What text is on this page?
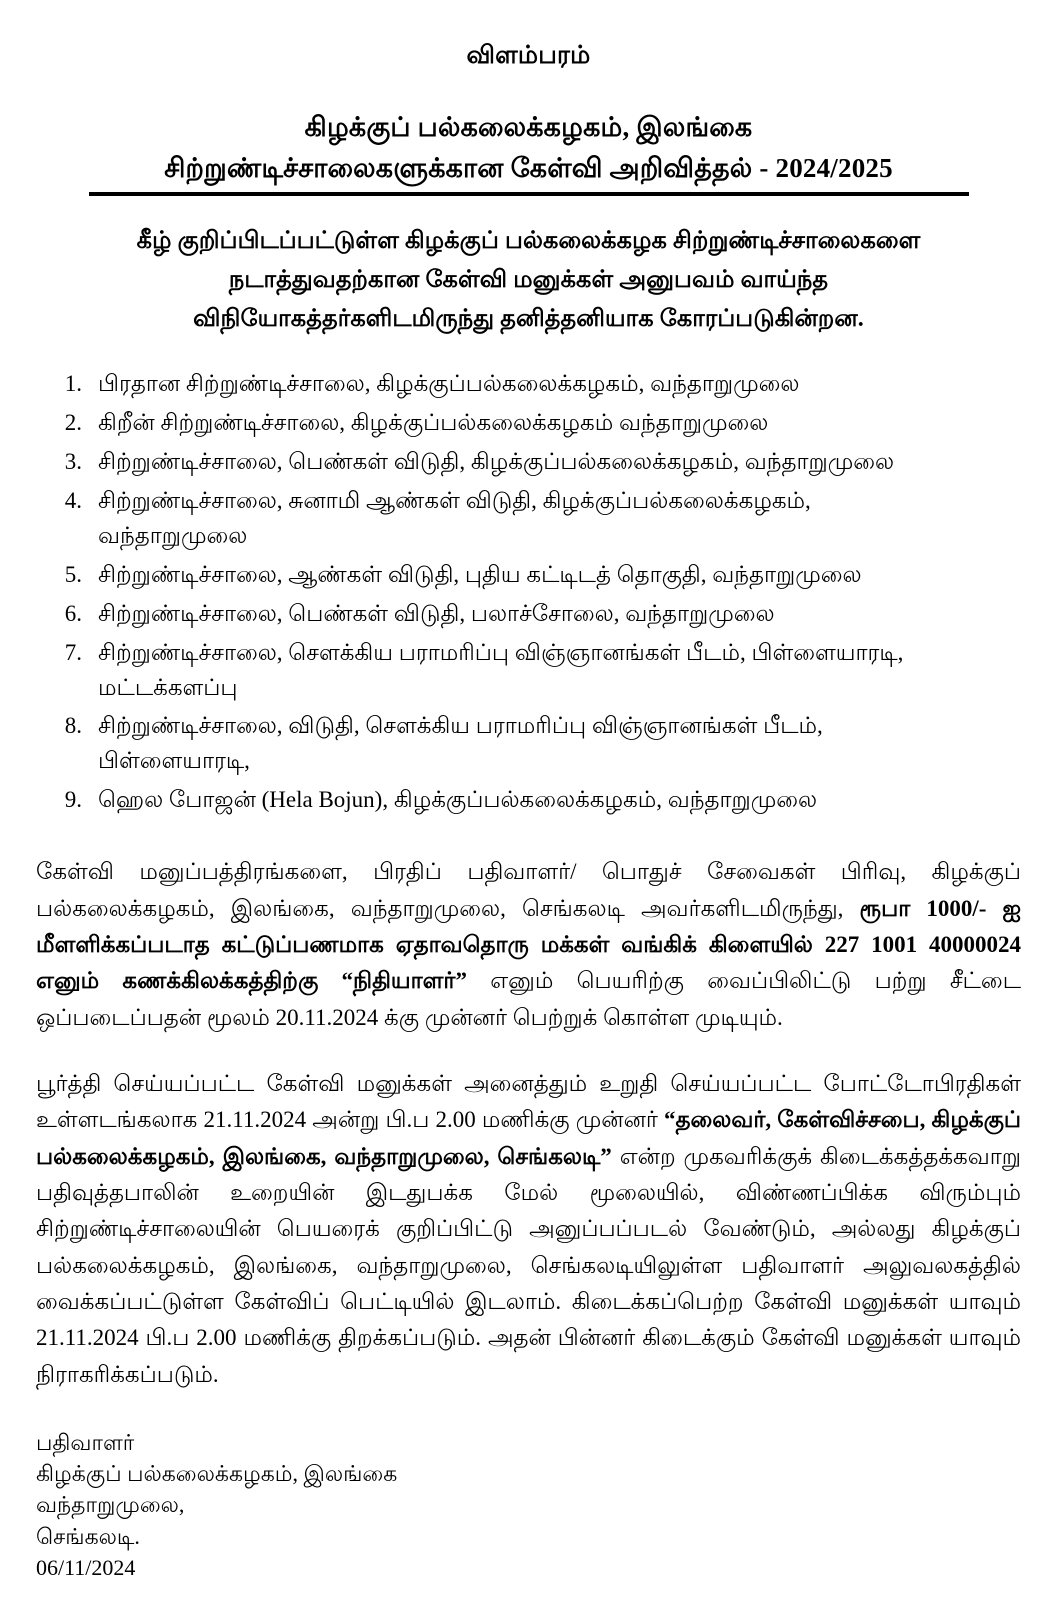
விளம்பரம்
கிழக்குப் பல்கலைக்கழகம், இலங்கை
சிற்றுண்டிச்சாலைகளுக்கான கேள்வி அறிவித்தல் - 2024/2025
கீழ் குறிப்பிடப்பட்டுள்ள கிழக்குப் பல்கலைக்கழக சிற்றுண்டிச்சாலைகளை
நடாத்துவதற்கான கேள்வி மனுக்கள் அனுபவம் வாய்ந்த
விநியோகத்தர்களிடமிருந்து தனித்தனியாக கோரப்படுகின்றன.
1. பிரதான சிற்றுண்டிச்சாலை, கிழக்குப்பல்கலைக்கழகம், வந்தாறுமுலை
2. கிறீன் சிற்றுண்டிச்சாலை, கிழக்குப்பல்கலைக்கழகம் வந்தாறுமுலை
3. சிற்றுண்டிச்சாலை, பெண்கள் விடுதி, கிழக்குப்பல்கலைக்கழகம், வந்தாறுமுலை
4. சிற்றுண்டிச்சாலை, சுனாமி ஆண்கள் விடுதி, கிழக்குப்பல்கலைக்கழகம்,
வந்தாறுமுலை
5. சிற்றுண்டிச்சாலை, ஆண்கள் விடுதி, புதிய கட்டிடத் தொகுதி, வந்தாறுமுலை
6. சிற்றுண்டிச்சாலை, பெண்கள் விடுதி, பலாச்சோலை, வந்தாறுமுலை
7. சிற்றுண்டிச்சாலை, சௌக்கிய பராமரிப்பு விஞ்ஞானங்கள் பீடம், பிள்ளையாரடி,
மட்டக்களப்பு
8. சிற்றுண்டிச்சாலை, விடுதி, சௌக்கிய பராமரிப்பு விஞ்ஞானங்கள் பீடம்,
பிள்ளையாரடி,
9. ஹெல போஜன் (Hela Bojun), கிழக்குப்பல்கலைக்கழகம், வந்தாறுமுலை

கேள்வி மனுப்பத்திரங்களை, பிரதிப் பதிவாளர்/ பொதுச் சேவைகள் பிரிவு, கிழக்குப் பல்கலைக்கழகம், இலங்கை, வந்தாறுமுலை, செங்கலடி அவர்களிடமிருந்து, ரூபா 1000/- ஐ மீளளிக்கப்படாத கட்டுப்பணமாக ஏதாவதொரு மக்கள் வங்கிக் கிளையில் 227 1001 40000024 எனும் கணக்கிலக்கத்திற்கு “நிதியாளர்” எனும் பெயரிற்கு வைப்பிலிட்டு பற்று சீட்டை ஒப்படைப்பதன் மூலம் 20.11.2024 க்கு முன்னர் பெற்றுக் கொள்ள முடியும்.

பூர்த்தி செய்யப்பட்ட கேள்வி மனுக்கள் அனைத்தும் உறுதி செய்யப்பட்ட போட்டோபிரதிகள் உள்ளடங்கலாக 21.11.2024 அன்று பி.ப 2.00 மணிக்கு முன்னர் “தலைவர், கேள்விச்சபை, கிழக்குப் பல்கலைக்கழகம், இலங்கை, வந்தாறுமுலை, செங்கலடி” என்ற முகவரிக்குக் கிடைக்கத்தக்கவாறு பதிவுத்தபாலின் உறையின் இடதுபக்க மேல் மூலையில், விண்ணப்பிக்க விரும்பும் சிற்றுண்டிச்சாலையின் பெயரைக் குறிப்பிட்டு அனுப்பப்படல் வேண்டும், அல்லது கிழக்குப் பல்கலைக்கழகம், இலங்கை, வந்தாறுமுலை, செங்கலடியிலுள்ள பதிவாளர் அலுவலகத்தில் வைக்கப்பட்டுள்ள கேள்விப் பெட்டியில் இடலாம். கிடைக்கப்பெற்ற கேள்வி மனுக்கள் யாவும் 21.11.2024 பி.ப 2.00 மணிக்கு திறக்கப்படும். அதன் பின்னர் கிடைக்கும் கேள்வி மனுக்கள் யாவும் நிராகரிக்கப்படும்.

பதிவாளர்
கிழக்குப் பல்கலைக்கழகம், இலங்கை
வந்தாறுமுலை,
செங்கலடி.
06/11/2024
